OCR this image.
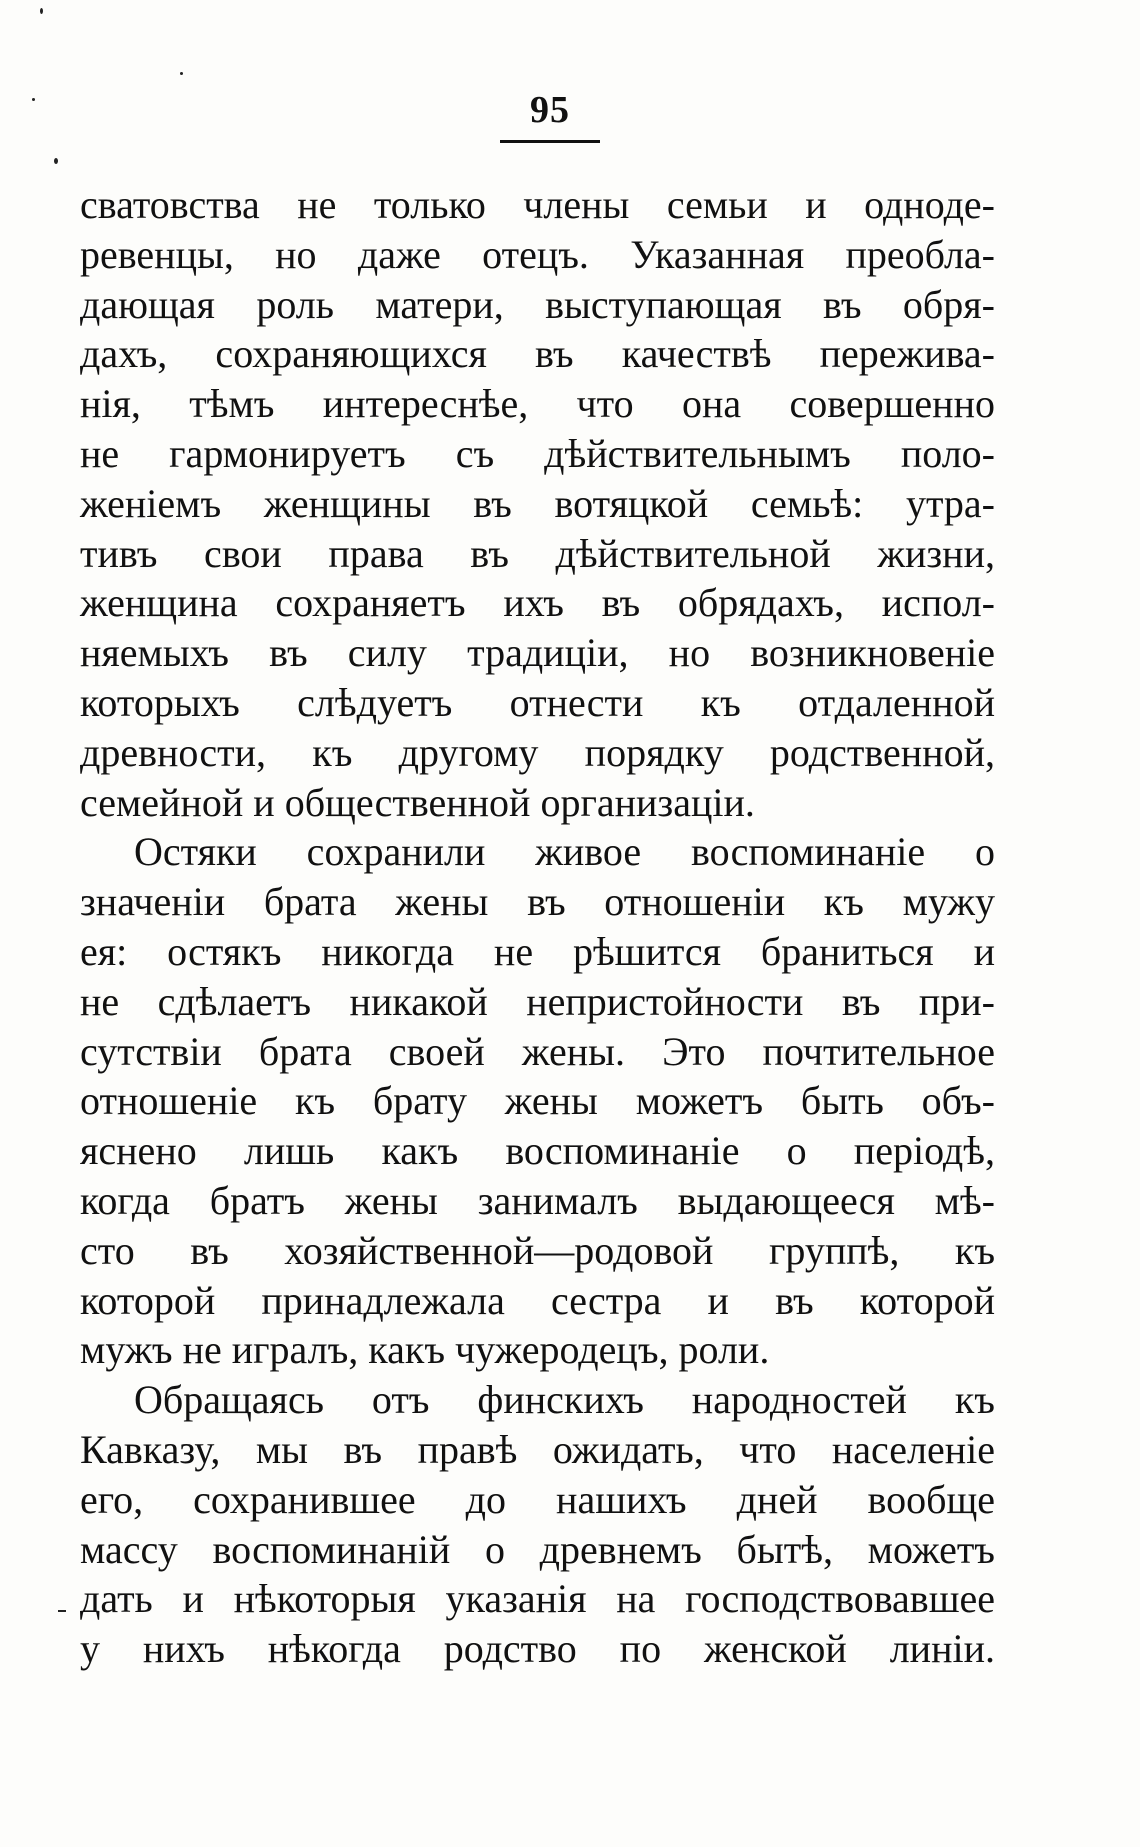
95
сватовства не только члены семьи и однодe-
ревенцы, но даже отецъ. Указанная преобла-
дающая роль матери, выступающая въ обря-
дахъ, сохраняющихся въ качествѣ пережива-
нiя, тѣмъ интереснѣе, что она совершенно
не гармонируетъ съ дѣйствительнымъ поло-
женiемъ женщины въ вотяцкой семьѣ: утра-
тивъ свои права въ дѣйствительной жизни,
женщина сохраняетъ ихъ въ обрядахъ, испол-
няемыхъ въ силу традицiи, но возникновенiе
которыхъ слѣдуетъ отнести къ отдаленной
древности, къ другому порядку родственной,
семейной и общественной организацiи.
Остяки сохранили живое воспоминанiе о
значенiи брата жены въ отношенiи къ мужу
ея: остякъ никогда не рѣшится браниться и
не сдѣлаетъ никакой непристойности въ при-
сутствiи брата своей жены. Это почтительное
отношенiе къ брату жены можетъ быть объ-
яснено лишь какъ воспоминанiе о перiодѣ,
когда братъ жены занималъ выдающееся мѣ-
сто въ хозяйственной—родовой группѣ, къ
которой принадлежала сестра и въ которой
мужъ не игралъ, какъ чужеродецъ, роли.
Обращаясь отъ финскихъ народностей къ
Кавказу, мы въ правѣ ожидать, что населенiе
его, сохранившее до нашихъ дней вообще
массу воспоминанiй о древнемъ бытѣ, можетъ
дать и нѣкоторыя указанiя на господствовавшее
у нихъ нѣкогда родство по женской линiи.
